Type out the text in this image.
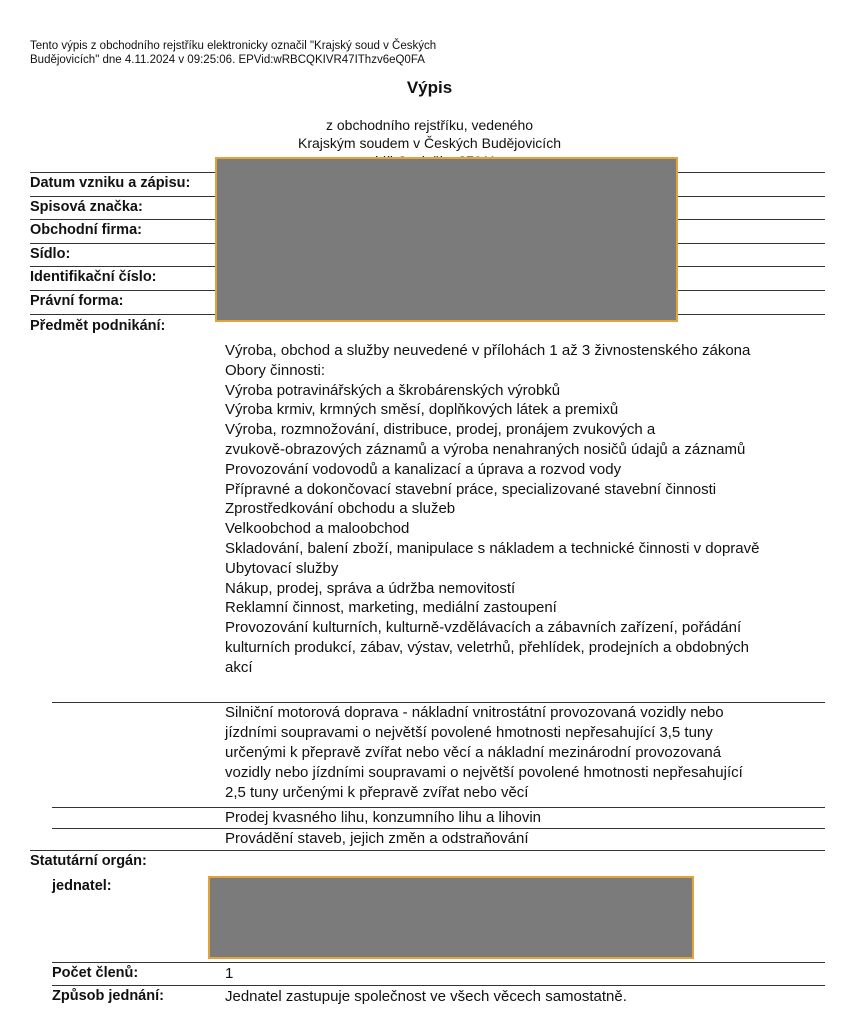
Tento výpis z obchodního rejstříku elektronicky označil "Krajský soud v Českých
Budějovicích" dne 4.11.2024 v 09:25:06. EPVid:wRBCQKIVR47IThzv6eQ0FA
Výpis
z obchodního rejstříku, vedeného
Krajským soudem v Českých Budějovicích
Datum vzniku a zápisu:
Spisová značka:
Obchodní firma:
Sídlo:
Identifikační číslo:
Právní forma:
Předmět podnikání:
Výroba, obchod a služby neuvedené v přílohách 1 až 3 živnostenského zákona
Obory činnosti:
Výroba potravinářských a škrobárenských výrobků
Výroba krmiv, krmných směsí, doplňkových látek a premixů
Výroba, rozmnožování, distribuce, prodej, pronájem zvukových a
zvukově-obrazových záznamů a výroba nenahraných nosičů údajů a záznamů
Provozování vodovodů a kanalizací a úprava a rozvod vody
Přípravné a dokončovací stavební práce, specializované stavební činnosti
Zprostředkování obchodu a služeb
Velkoobchod a maloobchod
Skladování, balení zboží, manipulace s nákladem a technické činnosti v dopravě
Ubytovací služby
Nákup, prodej, správa a údržba nemovitostí
Reklamní činnost, marketing, mediální zastoupení
Provozování kulturních, kulturně-vzdělávacích a zábavních zařízení, pořádání
kulturních produkcí, zábav, výstav, veletrhů, přehlídek, prodejních a obdobných
akcí
Silniční motorová doprava - nákladní vnitrostátní provozovaná vozidly nebo
jízdními soupravami o největší povolené hmotnosti nepřesahující 3,5 tuny
určenými k přepravě zvířat nebo věcí a nákladní mezinárodní provozovaná
vozidly nebo jízdními soupravami o největší povolené hmotnosti nepřesahující
2,5 tuny určenými k přepravě zvířat nebo věcí
Prodej kvasného lihu, konzumního lihu a lihovin
Provádění staveb, jejich změn a odstraňování
Statutární orgán:
jednatel:
Počet členů:	1
Způsob jednání:	Jednatel zastupuje společnost ve všech věcech samostatně.
